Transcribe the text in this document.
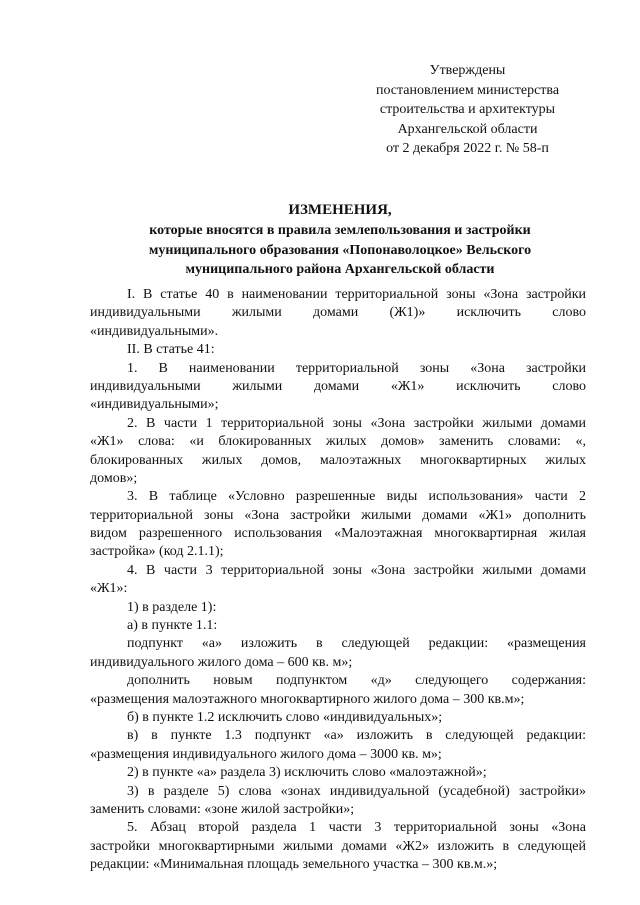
Утверждены
постановлением министерства
строительства и архитектуры
Архангельской области
от 2 декабря 2022 г. № 58-п
ИЗМЕНЕНИЯ,
которые вносятся в правила землепользования и застройки
муниципального образования «Попонаволоцкое» Вельского
муниципального района Архангельской области
I. В статье 40 в наименовании территориальной зоны «Зона застройки
индивидуальными жилыми домами (Ж1)» исключить слово
«индивидуальными».
II. В статье 41:
1. В наименовании территориальной зоны «Зона застройки
индивидуальными жилыми домами «Ж1» исключить слово
«индивидуальными»;
2. В части 1 территориальной зоны «Зона застройки жилыми домами
«Ж1» слова: «и блокированных жилых домов» заменить словами: «,
блокированных жилых домов, малоэтажных многоквартирных жилых
домов»;
3. В таблице «Условно разрешенные виды использования» части 2
территориальной зоны «Зона застройки жилыми домами «Ж1» дополнить
видом разрешенного использования «Малоэтажная многоквартирная жилая
застройка» (код 2.1.1);
4. В части 3 территориальной зоны «Зона застройки жилыми домами
«Ж1»:
1) в разделе 1):
а) в пункте 1.1:
подпункт «а» изложить в следующей редакции: «размещения
индивидуального жилого дома – 600 кв. м»;
дополнить новым подпунктом «д» следующего содержания:
«размещения малоэтажного многоквартирного жилого дома – 300 кв.м»;
б) в пункте 1.2 исключить слово «индивидуальных»;
в) в пункте 1.3 подпункт «а» изложить в следующей редакции:
«размещения индивидуального жилого дома – 3000 кв. м»;
2) в пункте «а» раздела 3) исключить слово «малоэтажной»;
3) в разделе 5) слова «зонах индивидуальной (усадебной) застройки»
заменить словами: «зоне жилой застройки»;
5. Абзац второй раздела 1 части 3 территориальной зоны «Зона
застройки многоквартирными жилыми домами «Ж2» изложить в следующей
редакции: «Минимальная площадь земельного участка – 300 кв.м.»;
